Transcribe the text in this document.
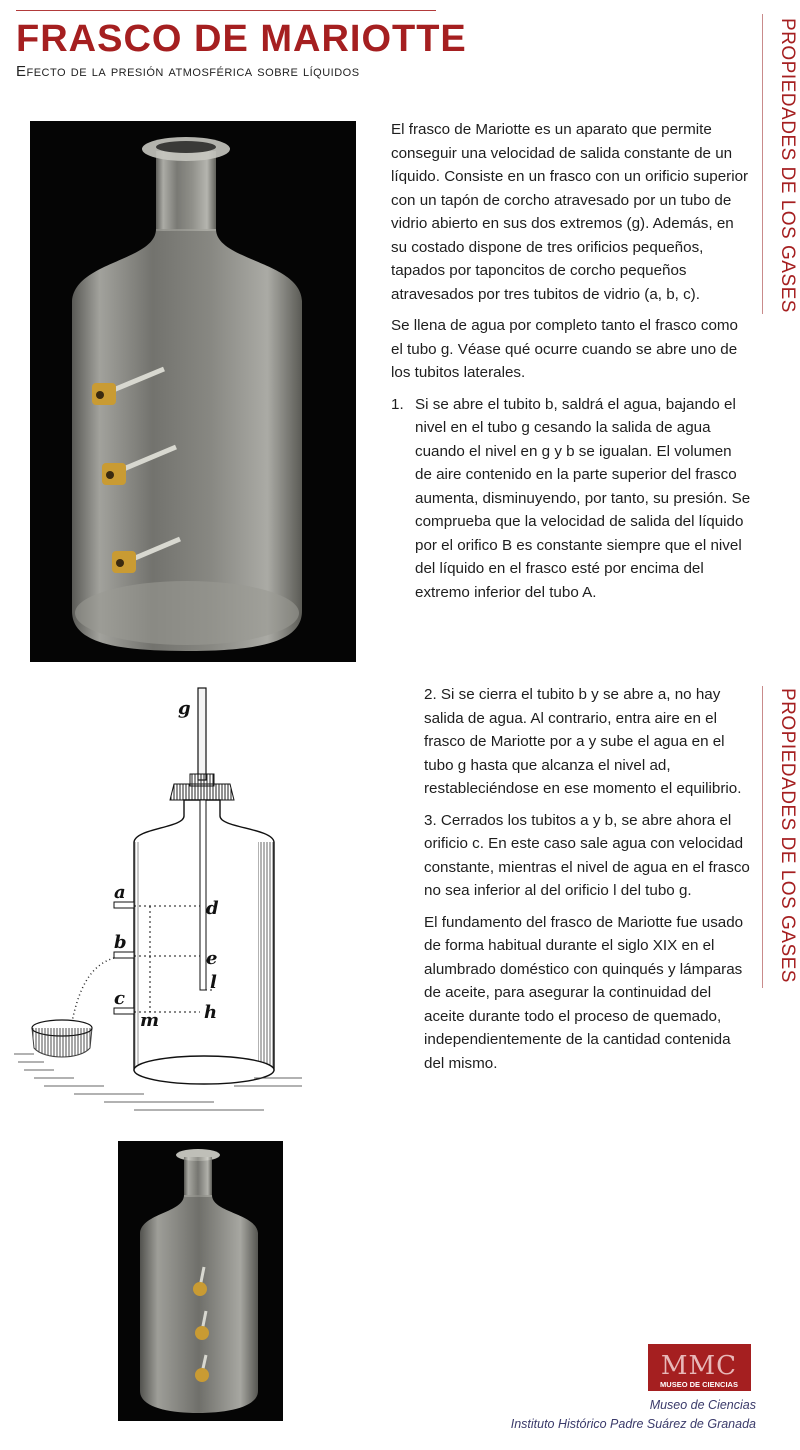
FRASCO DE MARIOTTE
Efecto de la presión atmosférica sobre líquidos	PROPIEDADES DE LOS GASES
PROPIEDADES DE LOS GASES

El frasco de Mariotte es un aparato que permite conseguir una velocidad de salida constante de un líquido. Consiste en un frasco con un orificio superior con un tapón de corcho atravesado por un tubo de vidrio abierto en sus dos extremos (g). Además, en su costado dispone de tres orificios pequeños, tapados por taponcitos de corcho pequeños atravesados por tres tubitos de vidrio (a, b, c).

Se llena de agua por completo tanto el frasco como el tubo g. Véase qué ocurre cuando se abre uno de los tubitos laterales.

1. Si se abre el tubito b, saldrá el agua, bajando el nivel en el tubo g cesando la salida de agua cuando el nivel en g y b se igualan. El volumen de aire contenido en la parte superior del frasco aumenta, disminuyendo, por tanto, su presión. Se comprueba que la velocidad de salida del líquido por el orifico B es constante siempre que el nivel del líquido en el frasco esté por encima del extremo inferior del tubo A.
g
a
b
c
d
e
l
h
m

2. Si se cierra el tubito b y se abre a, no hay salida de agua. Al contrario, entra aire en el frasco de Mariotte por a y sube el agua en el tubo g hasta que alcanza el nivel ad, restableciéndose en ese momento el equilibrio.

3. Cerrados los tubitos a y b, se abre ahora el orificio c. En este caso sale agua con velocidad constante, mientras el nivel de agua en el frasco no sea inferior al del orificio l del tubo g.

El fundamento del frasco de Mariotte fue usado de forma habitual durante el siglo XIX en el alumbrado doméstico con quinqués y lámparas de aceite, para asegurar la continuidad del aceite durante todo el proceso de quemado, independientemente de la cantidad contenida del mismo.

MMC
MUSEO DE CIENCIAS
Museo de Ciencias
Instituto Histórico Padre Suárez de Granada
